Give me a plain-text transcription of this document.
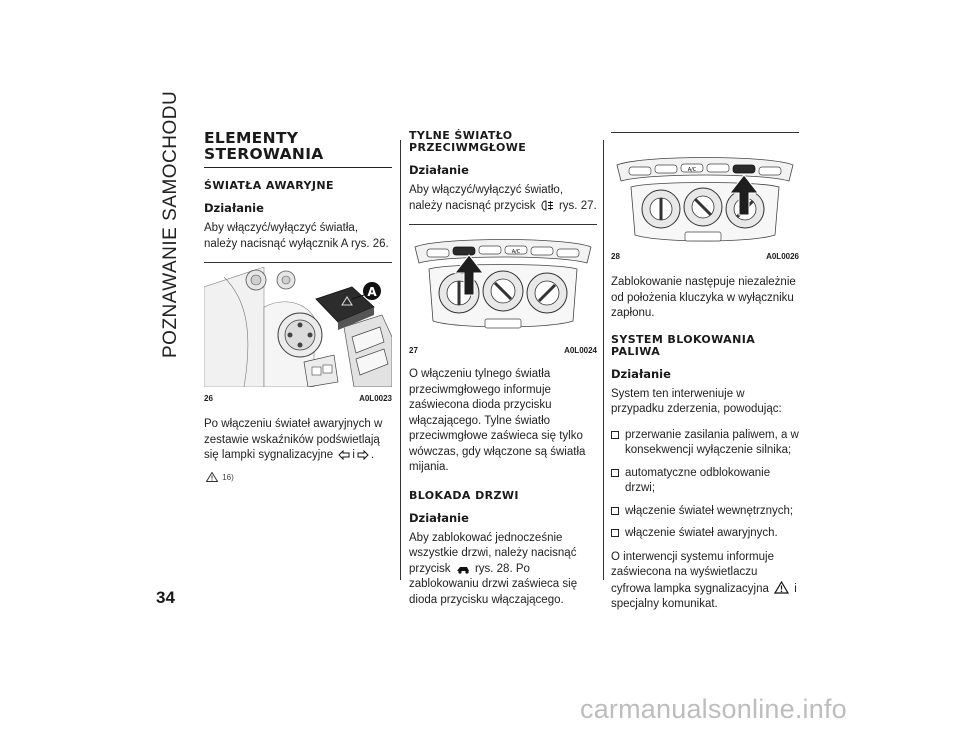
POZNAWANIE SAMOCHODU
34
ELEMENTY STEROWANIA
ŚWIATŁA AWARYJNE
Działanie

Aby włączyć/wyłączyć światła, należy nacisnąć wyłącznik A rys. 26.

A
26	A0L0023

Po włączeniu świateł awaryjnych w zestawie wskaźników podświetlają się lampki sygnalizacyjne i .

16)
TYLNE ŚWIATŁO PRZECIWMGŁOWE
Działanie

Aby włączyć/wyłączyć światło, należy nacisnąć przycisk rys. 27.

A/C
27	A0L0024

O włączeniu tylnego światła przeciwmgłowego informuje zaświecona dioda przycisku włączającego. Tylne światło przeciwmgłowe zaświeca się tylko wówczas, gdy włączone są światła mijania.

BLOKADA DRZWI
Działanie

Aby zablokować jednocześnie wszystkie drzwi, należy nacisnąć przycisk rys. 28. Po zablokowaniu drzwi zaświeca się dioda przycisku włączającego.

A/C
28	A0L0026

Zablokowanie następuje niezależnie od położenia kluczyka w wyłączniku zapłonu.

SYSTEM BLOKOWANIA PALIWA
Działanie

System ten interweniuje w przypadku zderzenia, powodując:

przerwanie zasilania paliwem, a w konsekwencji wyłączenie silnika;
automatyczne odblokowanie drzwi;
włączenie świateł wewnętrznych;
włączenie świateł awaryjnych.

O interwencji systemu informuje zaświecona na wyświetlaczu cyfrowa lampka sygnalizacyjna i specjalny komunikat.

carmanualsonline.info
